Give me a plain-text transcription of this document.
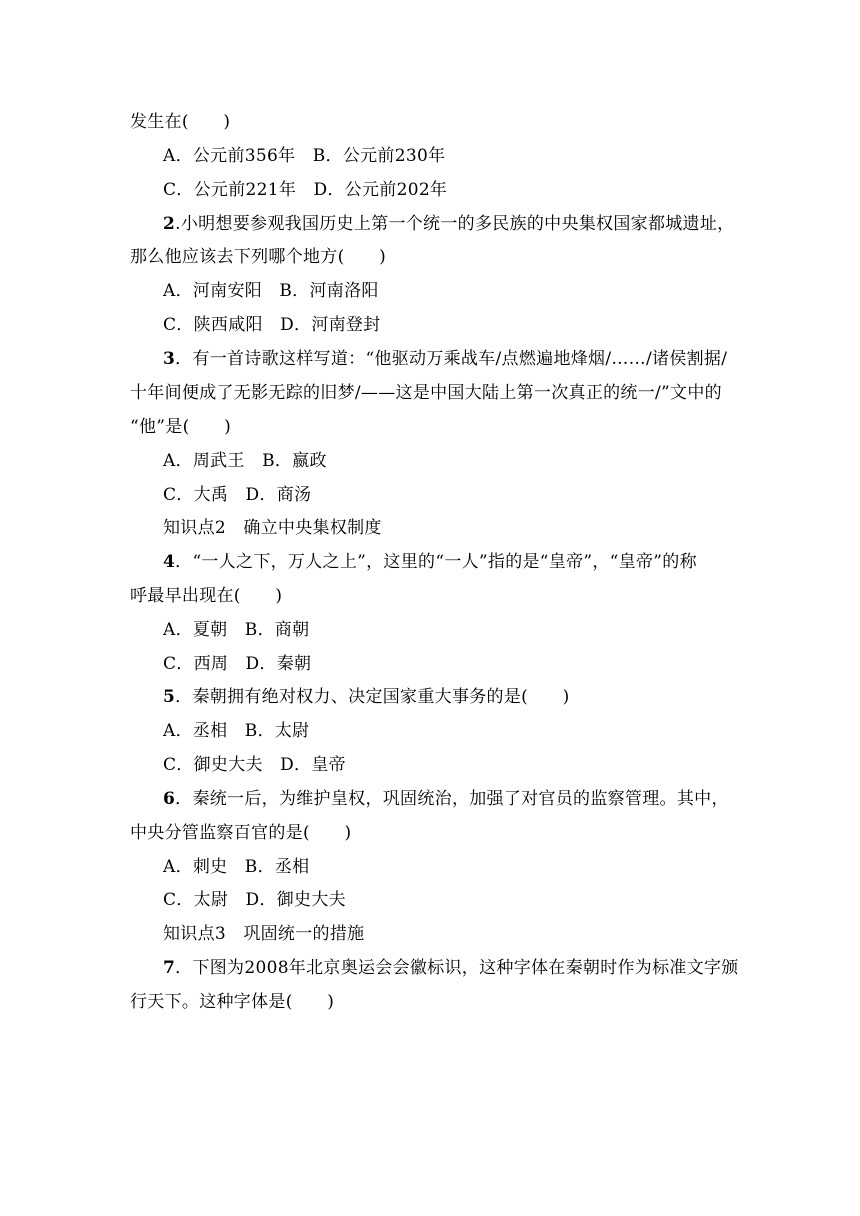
发生在(　　)
A．公元前356年　B．公元前230年
C．公元前221年　D．公元前202年
2.小明想要参观我国历史上第一个统一的多民族的中央集权国家都城遗址，
那么他应该去下列哪个地方(　　)
A．河南安阳　B．河南洛阳
C．陕西咸阳　D．河南登封
3．有一首诗歌这样写道：“他驱动万乘战车/点燃遍地烽烟/……/诸侯割据/
十年间便成了无影无踪的旧梦/——这是中国大陆上第一次真正的统一/”文中的
“他”是(　　)
A．周武王　B．嬴政
C．大禹　D．商汤
知识点2　确立中央集权制度
4．“一人之下，万人之上”，这里的“一人”指的是“皇帝”，“皇帝”的称
呼最早出现在(　　)
A．夏朝　B．商朝
C．西周　D．秦朝
5．秦朝拥有绝对权力、决定国家重大事务的是(　　)
A．丞相　B．太尉
C．御史大夫　D．皇帝
6．秦统一后，为维护皇权，巩固统治，加强了对官员的监察管理。其中，
中央分管监察百官的是(　　)
A．刺史　B．丞相
C．太尉　D．御史大夫
知识点3　巩固统一的措施
7．下图为2008年北京奥运会会徽标识，这种字体在秦朝时作为标准文字颁
行天下。这种字体是(　　)
